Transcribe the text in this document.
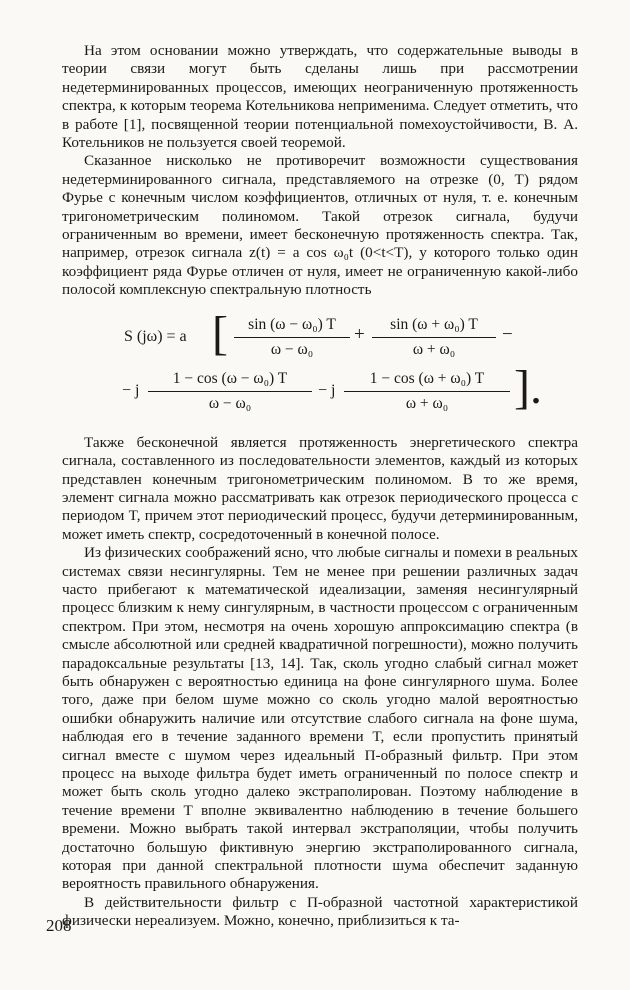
На этом основании можно утверждать, что содержательные выводы в теории связи могут быть сделаны лишь при рассмотрении недетерминированных процессов, имеющих неограниченную протяженность спектра, к которым теорема Котельникова неприменима. Следует отметить, что в работе [1], посвященной теории потенциальной помехоустойчивости, В. А. Котельников не пользуется своей теоремой.

Сказанное нисколько не противоречит возможности существования недетерминированного сигнала, представляемого на отрезке (0, T) рядом Фурье с конечным числом коэффициентов, отличных от нуля, т. е. конечным тригонометрическим полиномом. Такой отрезок сигнала, будучи ограниченным во времени, имеет бесконечную протяженность спектра. Так, например, отрезок сигнала z(t) = a cos ω₀t (0<t<T), у которого только один коэффициент ряда Фурье отличен от нуля, имеет не ограниченную какой-либо полосой комплексную спектральную плотность

S (jω) = a [ $\frac{\text{sin (ω − ω₀) T}}{\text{ω − ω₀}} + \frac{\text{sin (ω + ω₀) T}}{\text{ω + ω₀}}$ −
− j $\frac{\text{1 − cos (ω − ω₀) T}}{\text{ω − ω₀}} - j \frac{\text{1 − cos (ω + ω₀) T}}{\text{ω + ω₀}}$ ].

Также бесконечной является протяженность энергетического спектра сигнала, составленного из последовательности элементов, каждый из которых представлен конечным тригонометрическим полиномом. В то же время, элемент сигнала можно рассматривать как отрезок периодического процесса с периодом T, причем этот периодический процесс, будучи детерминированным, может иметь спектр, сосредоточенный в конечной полосе.

Из физических соображений ясно, что любые сигналы и помехи в реальных системах связи несингулярны. Тем не менее при решении различных задач часто прибегают к математической идеализации, заменяя несингулярный процесс близким к нему сингулярным, в частности процессом с ограниченным спектром. При этом, несмотря на очень хорошую аппроксимацию спектра (в смысле абсолютной или средней квадратичной погрешности), можно получить парадоксальные результаты [13, 14]. Так, сколь угодно слабый сигнал может быть обнаружен с вероятностью единица на фоне сингулярного шума. Более того, даже при белом шуме можно со сколь угодно малой вероятностью ошибки обнаружить наличие или отсутствие слабого сигнала на фоне шума, наблюдая его в течение заданного времени T, если пропустить принятый сигнал вместе с шумом через идеальный П-образный фильтр. При этом процесс на выходе фильтра будет иметь ограниченный по полосе спектр и может быть сколь угодно далеко экстраполирован. Поэтому наблюдение в течение времени T вполне эквивалентно наблюдению в течение большего времени. Можно выбрать такой интервал экстраполяции, чтобы получить достаточно большую фиктивную энергию экстраполированного сигнала, которая при данной спектральной плотности шума обеспечит заданную вероятность правильного обнаружения.

В действительности фильтр с П-образной частотной характеристикой физически нереализуем. Можно, конечно, приблизиться к та-

208
